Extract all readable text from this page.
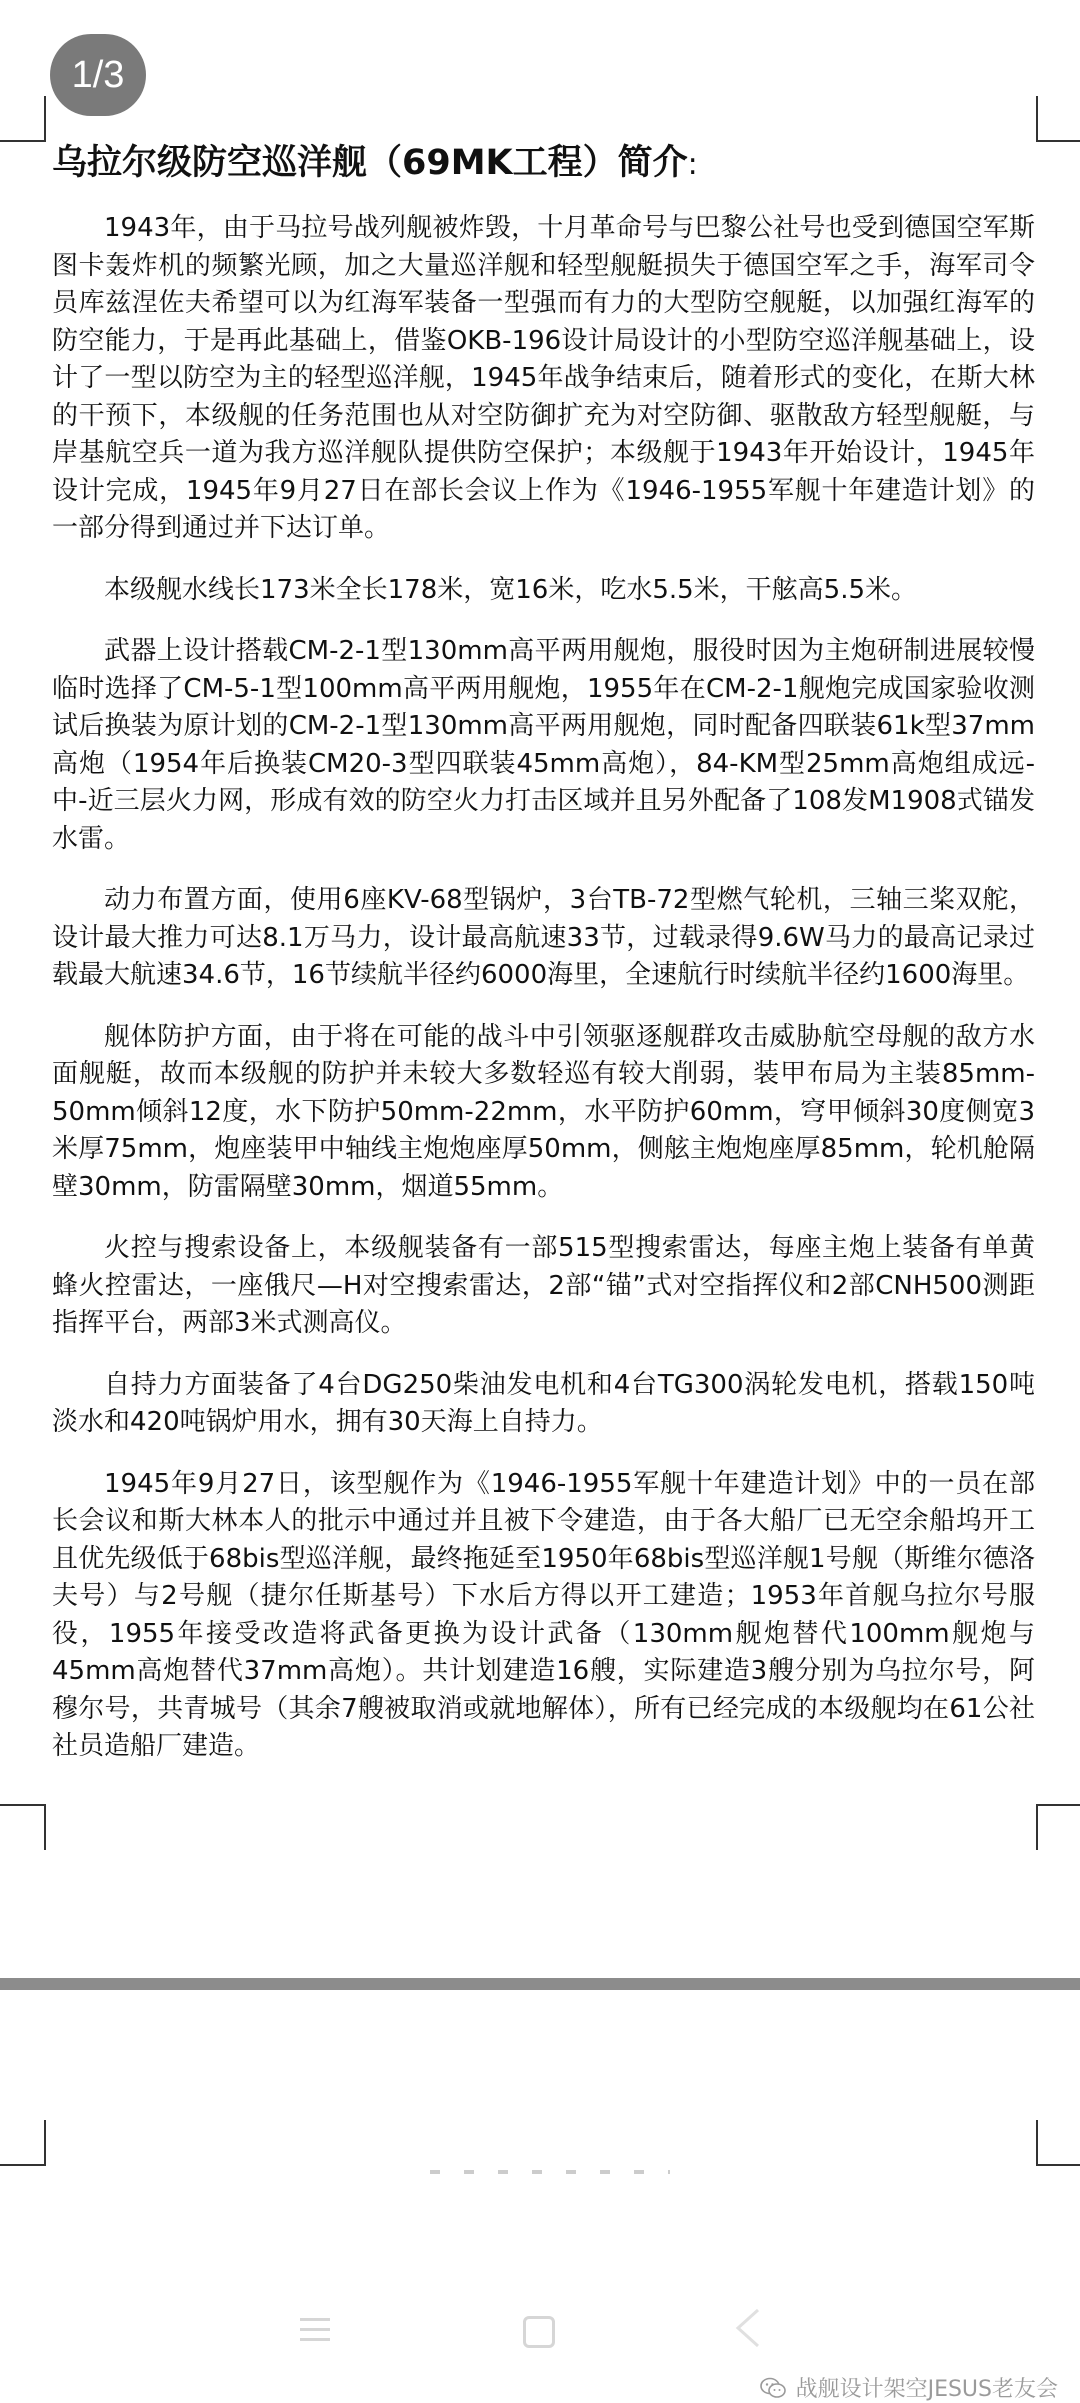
1/3
乌拉尔级防空巡洋舰（69MK工程）简介:

1943年，由于马拉号战列舰被炸毁，十月革命号与巴黎公社号也受到德国空军斯图卡轰炸机的频繁光顾，加之大量巡洋舰和轻型舰艇损失于德国空军之手，海军司令员库兹涅佐夫希望可以为红海军装备一型强而有力的大型防空舰艇，以加强红海军的防空能力，于是再此基础上，借鉴OKB-196设计局设计的小型防空巡洋舰基础上，设计了一型以防空为主的轻型巡洋舰，1945年战争结束后，随着形式的变化，在斯大林的干预下，本级舰的任务范围也从对空防御扩充为对空防御、驱散敌方轻型舰艇，与岸基航空兵一道为我方巡洋舰队提供防空保护；本级舰于1943年开始设计，1945年设计完成，1945年9月27日在部长会议上作为《1946-1955军舰十年建造计划》的一部分得到通过并下达订单。

本级舰水线长173米全长178米，宽16米，吃水5.5米，干舷高5.5米。

武器上设计搭载CM-2-1型130mm高平两用舰炮，服役时因为主炮研制进展较慢临时选择了CM-5-1型100mm高平两用舰炮，1955年在CM-2-1舰炮完成国家验收测试后换装为原计划的CM-2-1型130mm高平两用舰炮，同时配备四联装61k型37mm高炮（1954年后换装CM20-3型四联装45mm高炮），84-KM型25mm高炮组成远-中-近三层火力网，形成有效的防空火力打击区域并且另外配备了108发M1908式锚发水雷。

动力布置方面，使用6座KV-68型锅炉，3台TB-72型燃气轮机，三轴三桨双舵，设计最大推力可达8.1万马力，设计最高航速33节，过载录得9.6W马力的最高记录过载最大航速34.6节，16节续航半径约6000海里，全速航行时续航半径约1600海里。

舰体防护方面，由于将在可能的战斗中引领驱逐舰群攻击威胁航空母舰的敌方水面舰艇，故而本级舰的防护并未较大多数轻巡有较大削弱，装甲布局为主装85mm-50mm倾斜12度，水下防护50mm-22mm，水平防护60mm，穹甲倾斜30度侧宽3米厚75mm，炮座装甲中轴线主炮炮座厚50mm，侧舷主炮炮座厚85mm，轮机舱隔壁30mm，防雷隔壁30mm，烟道55mm。

火控与搜索设备上，本级舰装备有一部515型搜索雷达，每座主炮上装备有单黄蜂火控雷达，一座俄尺—H对空搜索雷达，2部“锚”式对空指挥仪和2部CNH500测距指挥平台，两部3米式测高仪。

自持力方面装备了4台DG250柴油发电机和4台TG300涡轮发电机，搭载150吨淡水和420吨锅炉用水，拥有30天海上自持力。

1945年9月27日，该型舰作为《1946-1955军舰十年建造计划》中的一员在部长会议和斯大林本人的批示中通过并且被下令建造，由于各大船厂已无空余船坞开工且优先级低于68bis型巡洋舰，最终拖延至1950年68bis型巡洋舰1号舰（斯维尔德洛夫号）与2号舰（捷尔任斯基号）下水后方得以开工建造；1953年首舰乌拉尔号服役，1955年接受改造将武备更换为设计武备（130mm舰炮替代100mm舰炮与45mm高炮替代37mm高炮）。共计划建造16艘，实际建造3艘分别为乌拉尔号，阿穆尔号，共青城号（其余7艘被取消或就地解体），所有已经完成的本级舰均在61公社社员造船厂建造。

战舰设计架空JESUS老友会
